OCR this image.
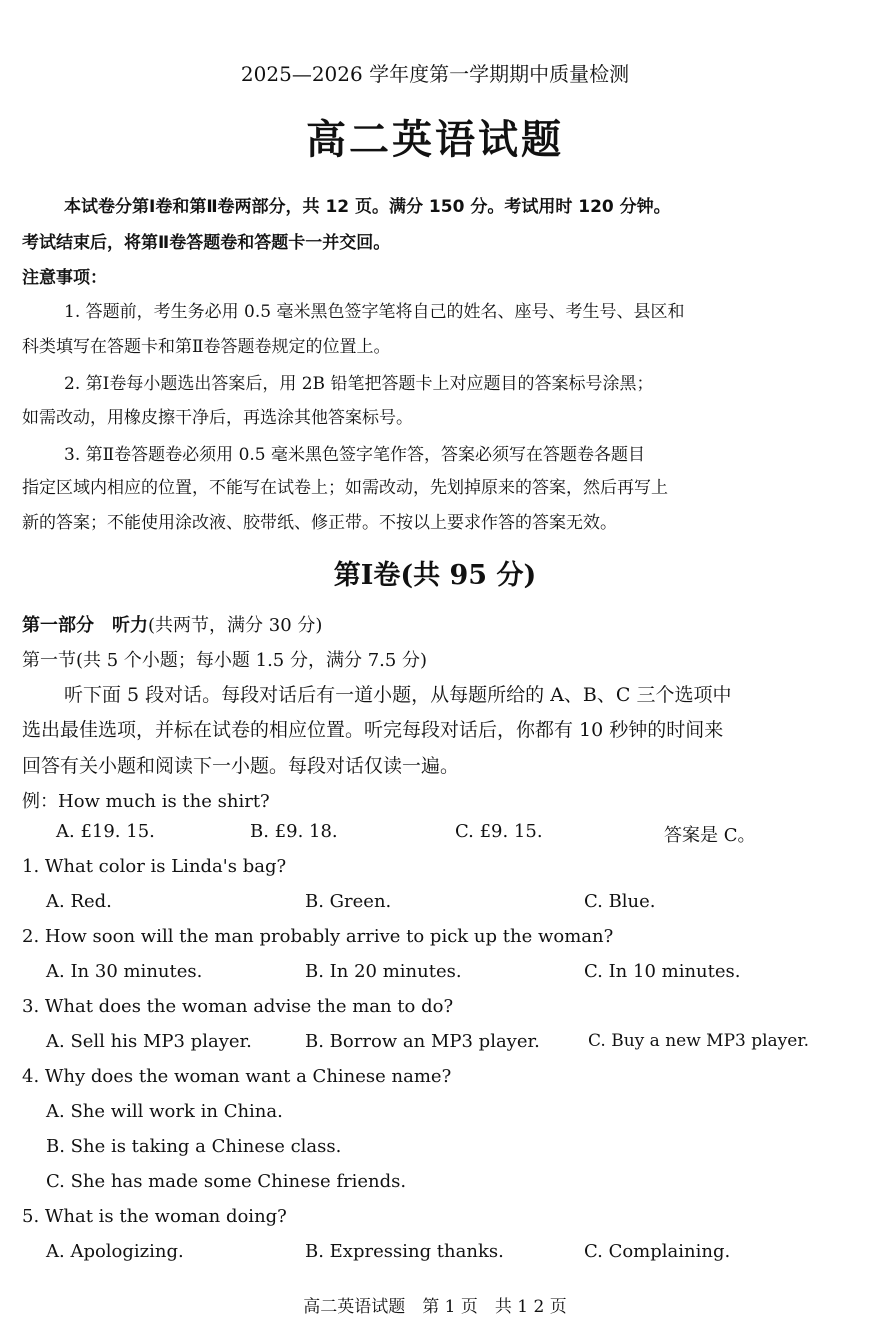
2025—2026 学年度第一学期期中质量检测
高二英语试题
本试卷分第Ⅰ卷和第Ⅱ卷两部分，共 12 页。满分 150 分。考试用时 120 分钟。
考试结束后，将第Ⅱ卷答题卷和答题卡一并交回。
注意事项：
1. 答题前，考生务必用 0.5 毫米黑色签字笔将自己的姓名、座号、考生号、县区和
科类填写在答题卡和第Ⅱ卷答题卷规定的位置上。
2. 第Ⅰ卷每小题选出答案后，用 2B 铅笔把答题卡上对应题目的答案标号涂黑；
如需改动，用橡皮擦干净后，再选涂其他答案标号。
3. 第Ⅱ卷答题卷必须用 0.5 毫米黑色签字笔作答，答案必须写在答题卷各题目
指定区域内相应的位置，不能写在试卷上；如需改动，先划掉原来的答案，然后再写上
新的答案；不能使用涂改液、胶带纸、修正带。不按以上要求作答的答案无效。
第Ⅰ卷(共 95 分)
第一部分　听力(共两节，满分 30 分)
第一节(共 5 个小题；每小题 1.5 分，满分 7.5 分)
听下面 5 段对话。每段对话后有一道小题，从每题所给的 A、B、C 三个选项中
选出最佳选项，并标在试卷的相应位置。听完每段对话后，你都有 10 秒钟的时间来
回答有关小题和阅读下一小题。每段对话仅读一遍。
例：How much is the shirt?
A. £19. 15.	B. £9. 18.	C. £9. 15.	答案是 C。
1. What color is Linda's bag?
A. Red.	B. Green.	C. Blue.
2. How soon will the man probably arrive to pick up the woman?
A. In 30 minutes.	B. In 20 minutes.	C. In 10 minutes.
3. What does the woman advise the man to do?
A. Sell his MP3 player.	B. Borrow an MP3 player.	C. Buy a new MP3 player.
4. Why does the woman want a Chinese name?
A. She will work in China.
B. She is taking a Chinese class.
C. She has made some Chinese friends.
5. What is the woman doing?
A. Apologizing.	B. Expressing thanks.	C. Complaining.
高二英语试题　第 1 页　共 1 2 页
